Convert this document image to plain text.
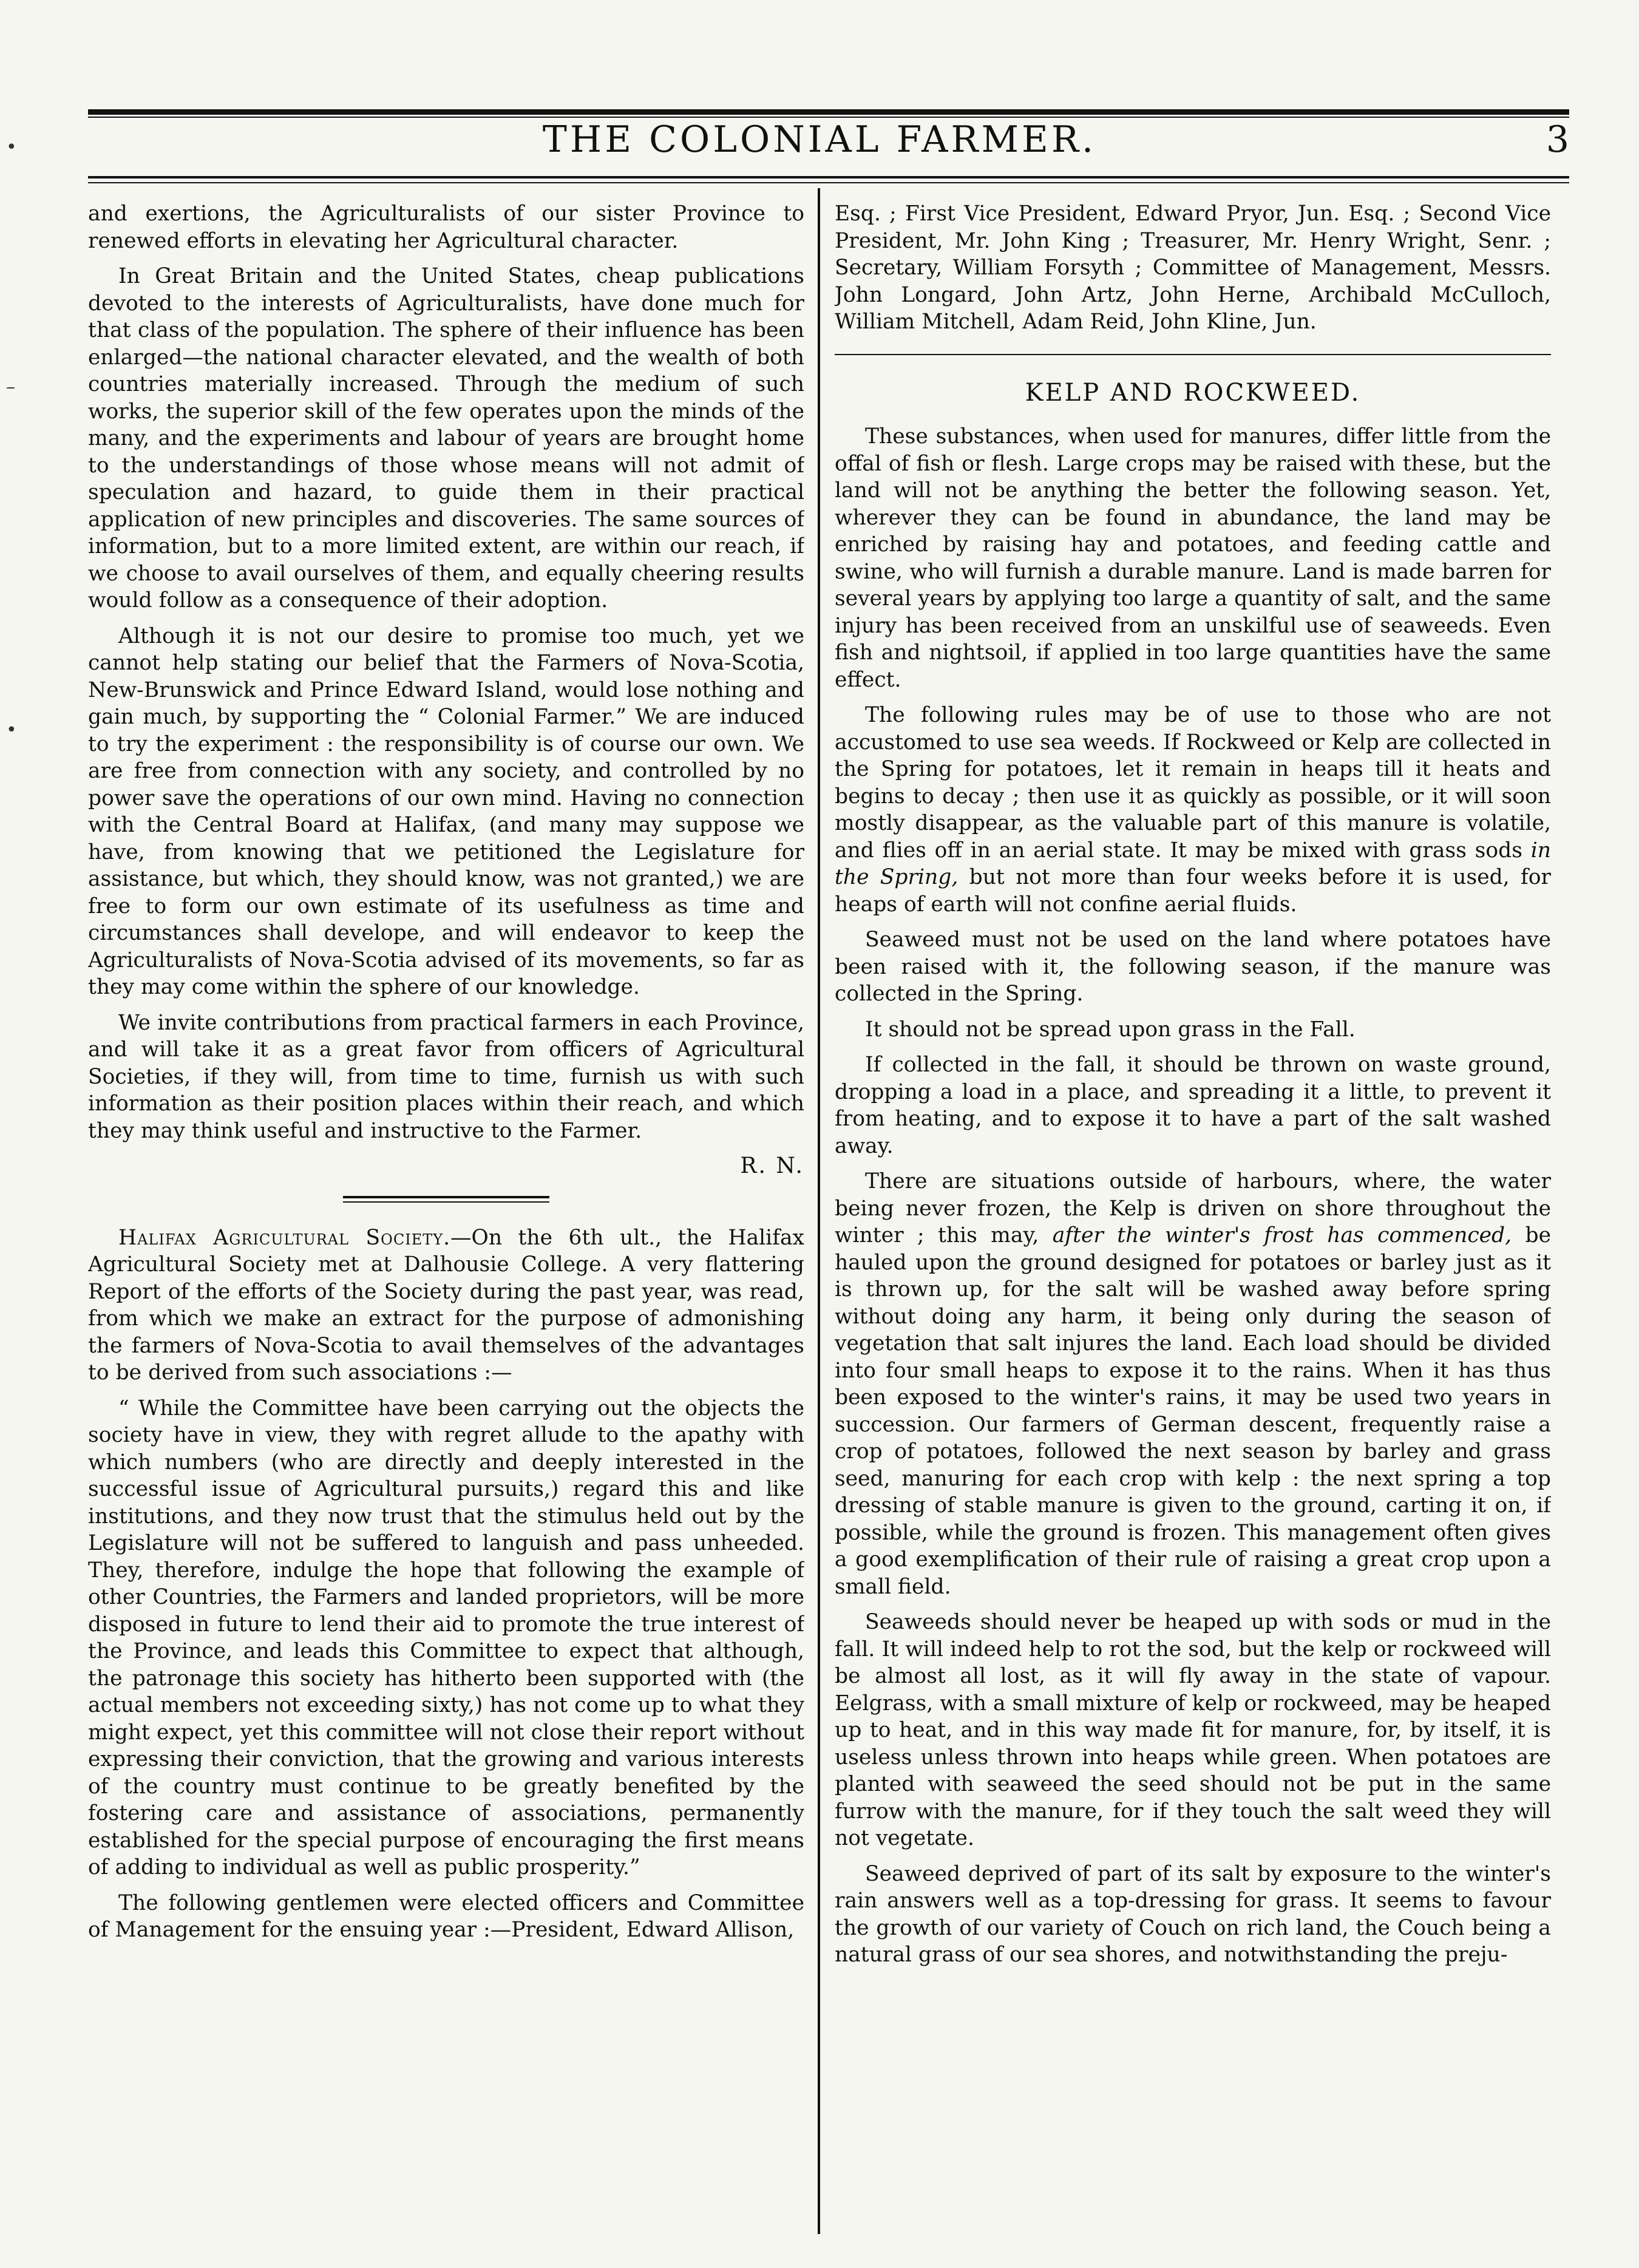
THE COLONIAL FARMER.	3
•
–
•

and exertions, the Agriculturalists of our sister Province to renewed efforts in elevating her Agricultural character.

In Great Britain and the United States, cheap publications devoted to the interests of Agriculturalists, have done much for that class of the population. The sphere of their influence has been enlarged—the national character elevated, and the wealth of both countries materially increased. Through the medium of such works, the superior skill of the few operates upon the minds of the many, and the experiments and labour of years are brought home to the understandings of those whose means will not admit of speculation and hazard, to guide them in their practical application of new principles and discoveries. The same sources of information, but to a more limited extent, are within our reach, if we choose to avail ourselves of them, and equally cheering results would follow as a consequence of their adoption.

Although it is not our desire to promise too much, yet we cannot help stating our belief that the Farmers of Nova-Scotia, New-Brunswick and Prince Edward Island, would lose nothing and gain much, by supporting the “ Colonial Farmer.” We are induced to try the experiment : the responsibility is of course our own. We are free from connection with any society, and controlled by no power save the operations of our own mind. Having no connection with the Central Board at Halifax, (and many may suppose we have, from knowing that we petitioned the Legislature for assistance, but which, they should know, was not granted,) we are free to form our own estimate of its usefulness as time and circumstances shall develope, and will endeavor to keep the Agriculturalists of Nova-Scotia advised of its movements, so far as they may come within the sphere of our knowledge.

We invite contributions from practical farmers in each Province, and will take it as a great favor from officers of Agricultural Societies, if they will, from time to time, furnish us with such information as their position places within their reach, and which they may think useful and instructive to the Farmer.

R. N.

Halifax Agricultural Society.—On the 6th ult., the Halifax Agricultural Society met at Dalhousie College. A very flattering Report of the efforts of the Society during the past year, was read, from which we make an extract for the purpose of admonishing the farmers of Nova-Scotia to avail themselves of the advantages to be derived from such associations :—

“ While the Committee have been carrying out the objects the society have in view, they with regret allude to the apathy with which numbers (who are directly and deeply interested in the successful issue of Agricultural pursuits,) regard this and like institutions, and they now trust that the stimulus held out by the Legislature will not be suffered to languish and pass unheeded. They, therefore, indulge the hope that following the example of other Countries, the Farmers and landed proprietors, will be more disposed in future to lend their aid to promote the true interest of the Province, and leads this Committee to expect that although, the patronage this society has hitherto been supported with (the actual members not exceeding sixty,) has not come up to what they might expect, yet this committee will not close their report without expressing their conviction, that the growing and various interests of the country must continue to be greatly benefited by the fostering care and assistance of associations, permanently established for the special purpose of encouraging the first means of adding to individual as well as public prosperity.”

The following gentlemen were elected officers and Committee of Management for the ensuing year :—President, Edward Allison,

Esq. ; First Vice President, Edward Pryor, Jun. Esq. ; Second Vice President, Mr. John King ; Treasurer, Mr. Henry Wright, Senr. ; Secretary, William Forsyth ; Committee of Management, Messrs. John Longard, John Artz, John Herne, Archibald McCulloch, William Mitchell, Adam Reid, John Kline, Jun.

KELP AND ROCKWEED.

These substances, when used for manures, differ little from the offal of fish or flesh. Large crops may be raised with these, but the land will not be anything the better the following season. Yet, wherever they can be found in abundance, the land may be enriched by raising hay and potatoes, and feeding cattle and swine, who will furnish a durable manure. Land is made barren for several years by applying too large a quantity of salt, and the same injury has been received from an unskilful use of seaweeds. Even fish and nightsoil, if applied in too large quantities have the same effect.

The following rules may be of use to those who are not accustomed to use sea weeds. If Rockweed or Kelp are collected in the Spring for potatoes, let it remain in heaps till it heats and begins to decay ; then use it as quickly as possible, or it will soon mostly disappear, as the valuable part of this manure is volatile, and flies off in an aerial state. It may be mixed with grass sods in the Spring, but not more than four weeks before it is used, for heaps of earth will not confine aerial fluids.

Seaweed must not be used on the land where potatoes have been raised with it, the following season, if the manure was collected in the Spring.

It should not be spread upon grass in the Fall.

If collected in the fall, it should be thrown on waste ground, dropping a load in a place, and spreading it a little, to prevent it from heating, and to expose it to have a part of the salt washed away.

There are situations outside of harbours, where, the water being never frozen, the Kelp is driven on shore throughout the winter ; this may, after the winter's frost has commenced, be hauled upon the ground designed for potatoes or barley just as it is thrown up, for the salt will be washed away before spring without doing any harm, it being only during the season of vegetation that salt injures the land. Each load should be divided into four small heaps to expose it to the rains. When it has thus been exposed to the winter's rains, it may be used two years in succession. Our farmers of German descent, frequently raise a crop of potatoes, followed the next season by barley and grass seed, manuring for each crop with kelp : the next spring a top dressing of stable manure is given to the ground, carting it on, if possible, while the ground is frozen. This management often gives a good exemplification of their rule of raising a great crop upon a small field.

Seaweeds should never be heaped up with sods or mud in the fall. It will indeed help to rot the sod, but the kelp or rockweed will be almost all lost, as it will fly away in the state of vapour. Eelgrass, with a small mixture of kelp or rockweed, may be heaped up to heat, and in this way made fit for manure, for, by itself, it is useless unless thrown into heaps while green. When potatoes are planted with seaweed the seed should not be put in the same furrow with the manure, for if they touch the salt weed they will not vegetate.

Seaweed deprived of part of its salt by exposure to the winter's rain answers well as a top-dressing for grass. It seems to favour the growth of our variety of Couch on rich land, the Couch being a natural grass of our sea shores, and notwithstanding the preju-
